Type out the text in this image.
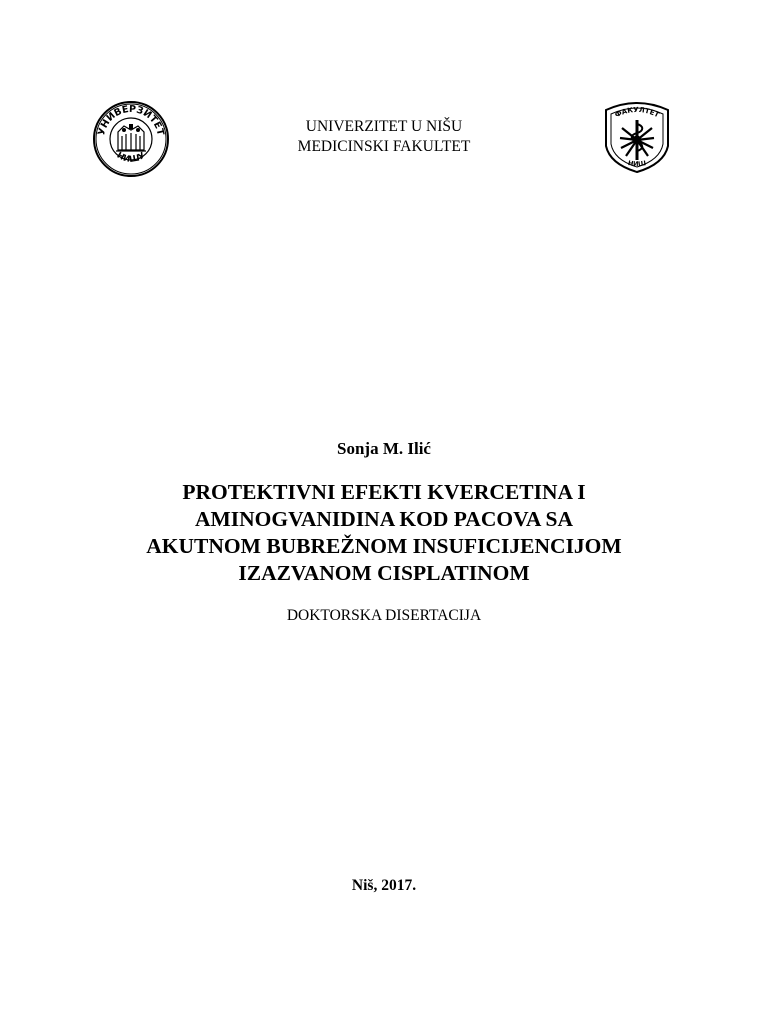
УНИВЕРЗИТЕТ
НИШУ
ФАКУЛТЕТ
НИШ
UNIVERZITET U NIŠU
MEDICINSKI FAKULTET
Sonja M. Ilić
PROTEKTIVNI EFEKTI KVERCETINA I
AMINOGVANIDINA KOD PACOVA SA
AKUTNOM BUBREŽNOM INSUFICIJENCIJOM
IZAZVANOM CISPLATINOM
DOKTORSKA DISERTACIJA
Niš, 2017.
